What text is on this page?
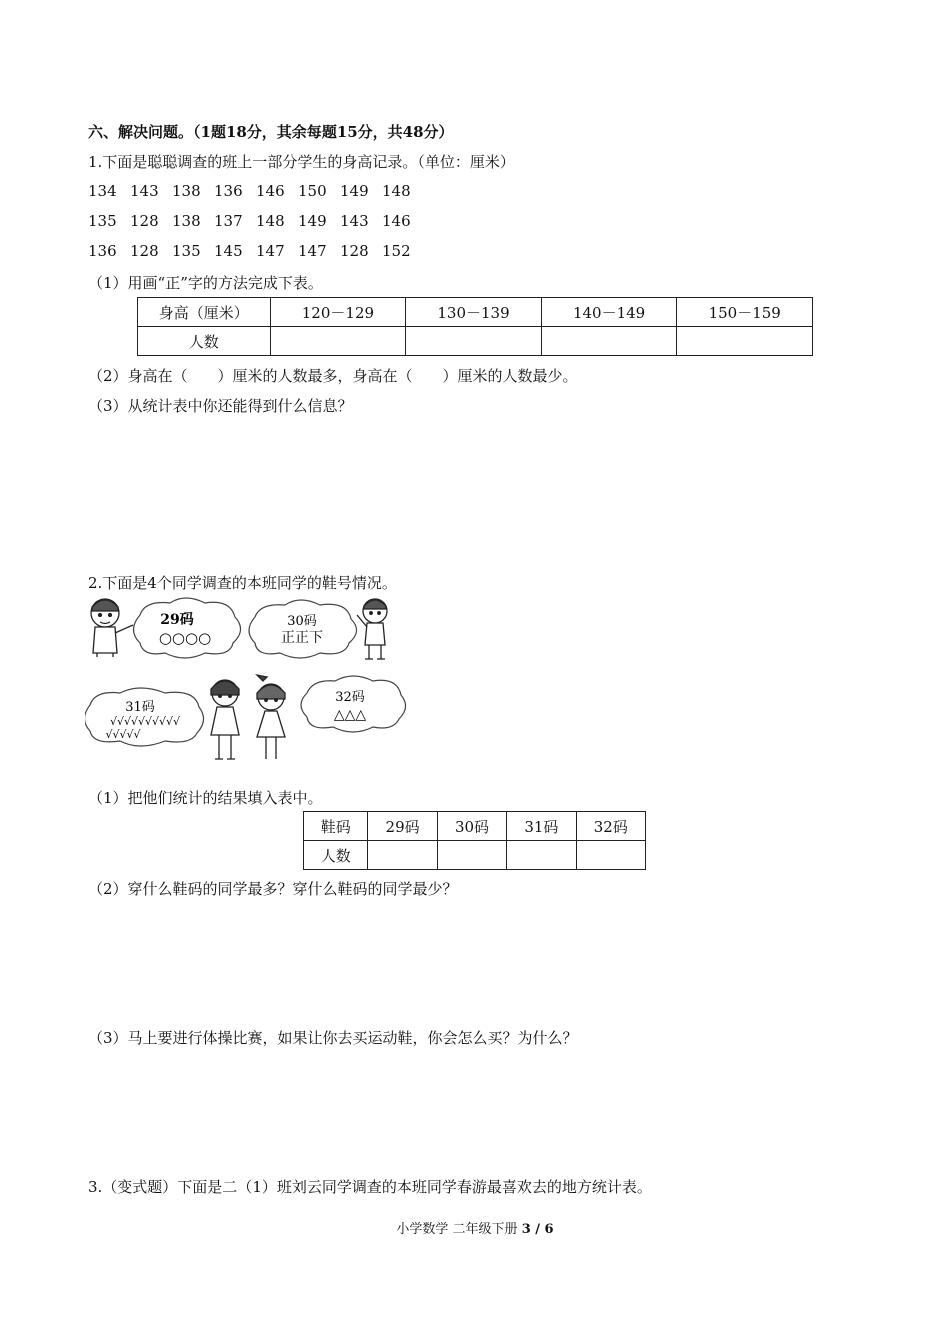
六、解决问题。（1题18分，其余每题15分，共48分）
1.下面是聪聪调查的班上一部分学生的身高记录。（单位：厘米）
134 143 138 136 146 150 149 148
135 128 138 137 148 149 143 146
136 128 135 145 147 147 128 152
（1）用画“正”字的方法完成下表。
身高（厘米）	120－129	130－139	140－149	150－159
人数				
（2）身高在（　　）厘米的人数最多，身高在（　　）厘米的人数最少。
（3）从统计表中你还能得到什么信息？
2.下面是4个同学调查的本班同学的鞋号情况。
29码
○○○○
30码
正正下
31码
√√√√√√√√√√
√√√√√
32码
△△△
（1）把他们统计的结果填入表中。
鞋码	29码	30码	31码	32码
人数				
（2）穿什么鞋码的同学最多？穿什么鞋码的同学最少？
（3）马上要进行体操比赛，如果让你去买运动鞋，你会怎么买？为什么？
3.（变式题）下面是二（1）班刘云同学调查的本班同学春游最喜欢去的地方统计表。
小学数学 二年级下册 3 / 6
